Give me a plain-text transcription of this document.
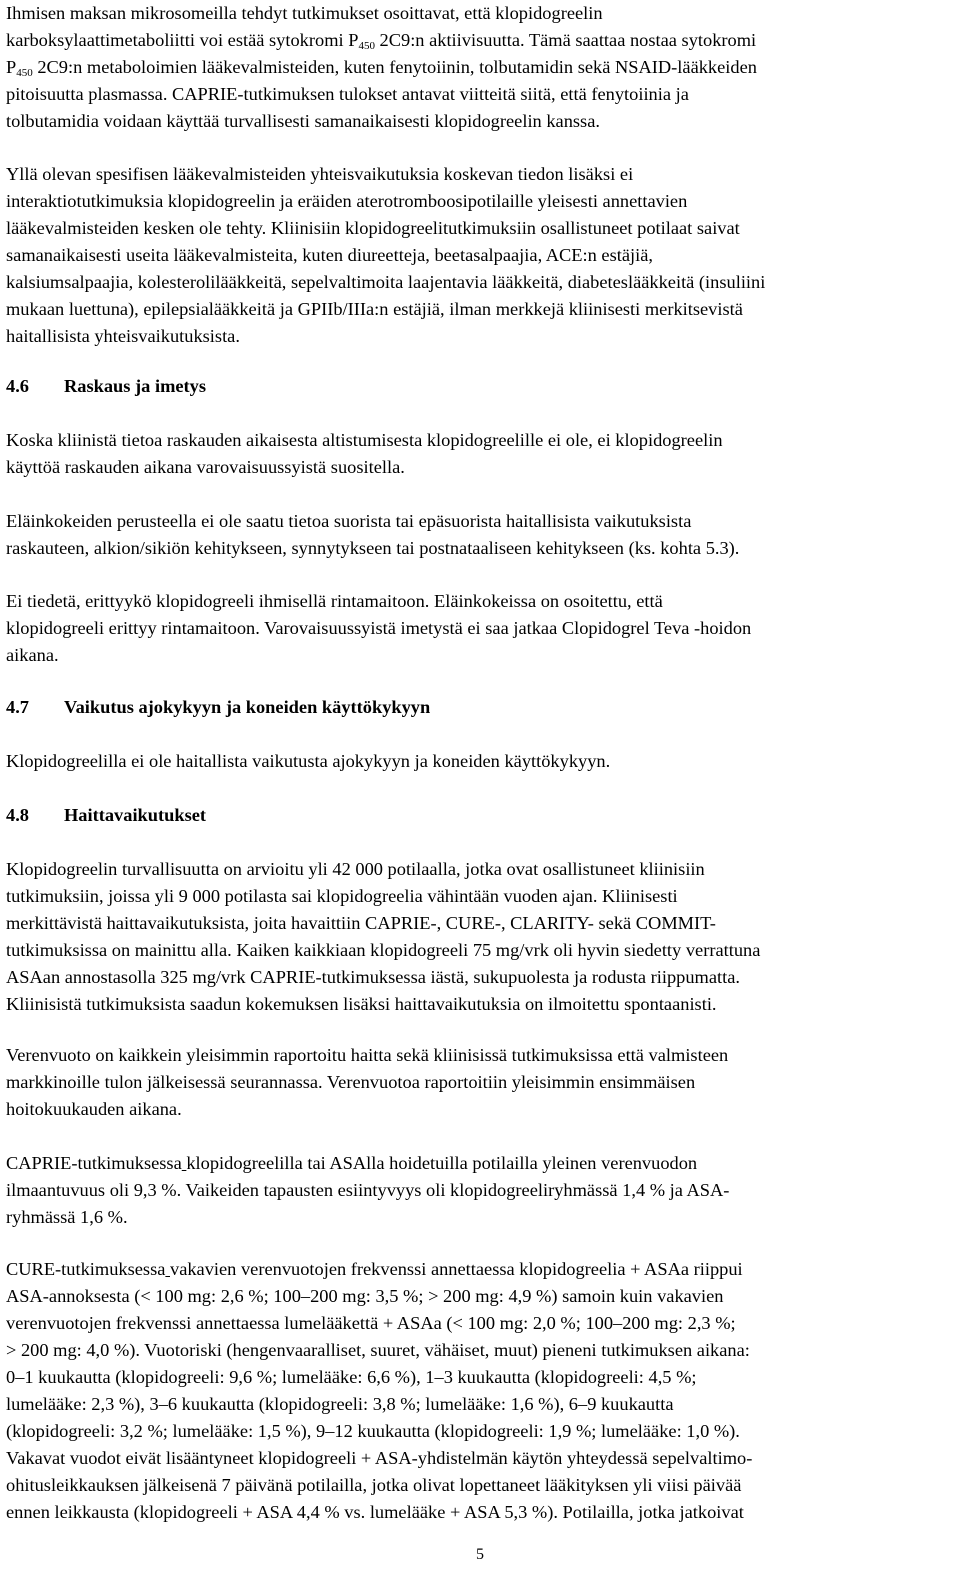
Ihmisen maksan mikrosomeilla tehdyt tutkimukset osoittavat, että klopidogreelin
karboksylaattimetaboliitti voi estää sytokromi $P_{450}$ 2C9:n aktiivisuutta. Tämä saattaa nostaa sytokromi
$P_{450}$ 2C9:n metaboloimien lääkevalmisteiden, kuten fenytoiinin, tolbutamidin sekä NSAID-lääkkeiden
pitoisuutta plasmassa. CAPRIE-tutkimuksen tulokset antavat viitteitä siitä, että fenytoiinia ja
tolbutamidia voidaan käyttää turvallisesti samanaikaisesti klopidogreelin kanssa.

Yllä olevan spesifisen lääkevalmisteiden yhteisvaikutuksia koskevan tiedon lisäksi ei
interaktiotutkimuksia klopidogreelin ja eräiden aterotromboosipotilaille yleisesti annettavien
lääkevalmisteiden kesken ole tehty. Kliinisiin klopidogreelitutkimuksiin osallistuneet potilaat saivat
samanaikaisesti useita lääkevalmisteita, kuten diureetteja, beetasalpaajia, ACE:n estäjiä,
kalsiumsalpaajia, kolesterolilääkkeitä, sepelvaltimoita laajentavia lääkkeitä, diabeteslääkkeitä (insuliini
mukaan luettuna), epilepsialääkkeitä ja GPIIb/IIIa:n estäjiä, ilman merkkejä kliinisesti merkitsevistä
haitallisista yhteisvaikutuksista.

4.6	Raskaus ja imetys

Koska kliinistä tietoa raskauden aikaisesta altistumisesta klopidogreelille ei ole, ei klopidogreelin
käyttöä raskauden aikana varovaisuussyistä suositella.

Eläinkokeiden perusteella ei ole saatu tietoa suorista tai epäsuorista haitallisista vaikutuksista
raskauteen, alkion/sikiön kehitykseen, synnytykseen tai postnataaliseen kehitykseen (ks. kohta 5.3).

Ei tiedetä, erittyykö klopidogreeli ihmisellä rintamaitoon. Eläinkokeissa on osoitettu, että
klopidogreeli erittyy rintamaitoon. Varovaisuussyistä imetystä ei saa jatkaa Clopidogrel Teva -hoidon
aikana.

4.7	Vaikutus ajokykyyn ja koneiden käyttökykyyn

Klopidogreelilla ei ole haitallista vaikutusta ajokykyyn ja koneiden käyttökykyyn.

4.8	Haittavaikutukset

Klopidogreelin turvallisuutta on arvioitu yli 42 000 potilaalla, jotka ovat osallistuneet kliinisiin
tutkimuksiin, joissa yli 9 000 potilasta sai klopidogreelia vähintään vuoden ajan. Kliinisesti
merkittävistä haittavaikutuksista, joita havaittiin CAPRIE-, CURE-, CLARITY- sekä COMMIT-
tutkimuksissa on mainittu alla. Kaiken kaikkiaan klopidogreeli 75 mg/vrk oli hyvin siedetty verrattuna
ASAan annostasolla 325 mg/vrk CAPRIE-tutkimuksessa iästä, sukupuolesta ja rodusta riippumatta.
Kliinisistä tutkimuksista saadun kokemuksen lisäksi haittavaikutuksia on ilmoitettu spontaanisti.

Verenvuoto on kaikkein yleisimmin raportoitu haitta sekä kliinisissä tutkimuksissa että valmisteen
markkinoille tulon jälkeisessä seurannassa. Verenvuotoa raportoitiin yleisimmin ensimmäisen
hoitokuukauden aikana.

CAPRIE-tutkimuksessa klopidogreelilla tai ASAlla hoidetuilla potilailla yleinen verenvuodon
ilmaantuvuus oli 9,3 %. Vaikeiden tapausten esiintyvyys oli klopidogreeliryhmässä 1,4 % ja ASA-
ryhmässä 1,6 %.

CURE-tutkimuksessa vakavien verenvuotojen frekvenssi annettaessa klopidogreelia + ASAa riippui
ASA-annoksesta (< 100 mg: 2,6 %; 100–200 mg: 3,5 %; > 200 mg: 4,9 %) samoin kuin vakavien
verenvuotojen frekvenssi annettaessa lumelääkettä + ASAa (< 100 mg: 2,0 %; 100–200 mg: 2,3 %;
> 200 mg: 4,0 %). Vuotoriski (hengenvaaralliset, suuret, vähäiset, muut) pieneni tutkimuksen aikana:
0–1 kuukautta (klopidogreeli: 9,6 %; lumelääke: 6,6 %), 1–3 kuukautta (klopidogreeli: 4,5 %;
lumelääke: 2,3 %), 3–6 kuukautta (klopidogreeli: 3,8 %; lumelääke: 1,6 %), 6–9 kuukautta
(klopidogreeli: 3,2 %; lumelääke: 1,5 %), 9–12 kuukautta (klopidogreeli: 1,9 %; lumelääke: 1,0 %).
Vakavat vuodot eivät lisääntyneet klopidogreeli + ASA-yhdistelmän käytön yhteydessä sepelvaltimo-
ohitusleikkauksen jälkeisenä 7 päivänä potilailla, jotka olivat lopettaneet lääkityksen yli viisi päivää
ennen leikkausta (klopidogreeli + ASA 4,4 % vs. lumelääke + ASA 5,3 %). Potilailla, jotka jatkoivat

5
